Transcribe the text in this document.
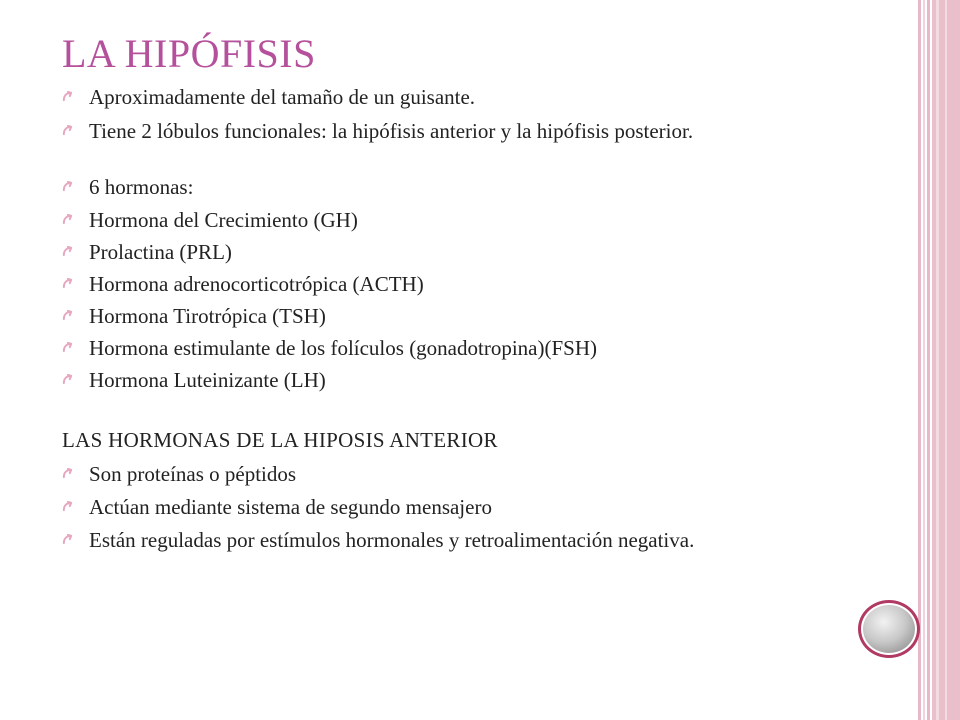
LA HIPÓFISIS
Aproximadamente del tamaño de un guisante.
Tiene 2 lóbulos funcionales: la hipófisis anterior y la hipófisis posterior.
6 hormonas:
Hormona del Crecimiento (GH)
Prolactina (PRL)
Hormona adrenocorticotrópica (ACTH)
Hormona Tirotrópica (TSH)
Hormona estimulante de los folículos (gonadotropina)(FSH)
Hormona Luteinizante (LH)
LAS HORMONAS DE LA HIPOSIS ANTERIOR
Son proteínas o péptidos
Actúan mediante sistema de segundo mensajero
Están reguladas por estímulos hormonales y retroalimentación negativa.
